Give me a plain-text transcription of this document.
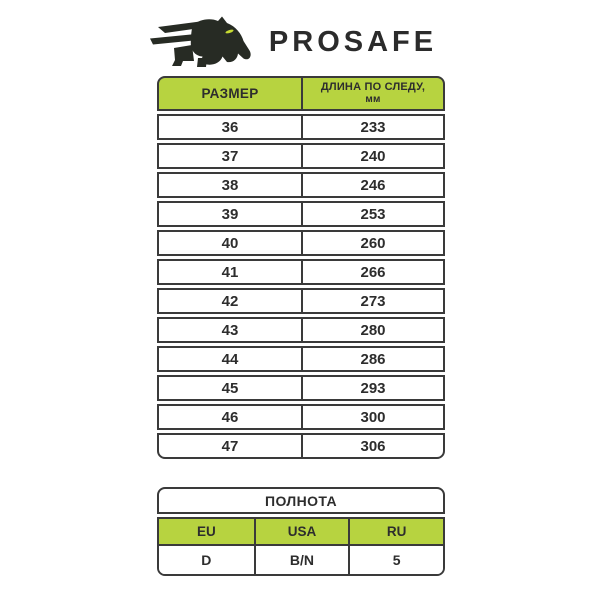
PROSAFE
РАЗМЕР	ДЛИНА ПО СЛЕДУ,
мм
36	233
37	240
38	246
39	253
40	260
41	266
42	273
43	280
44	286
45	293
46	300
47	306
ПОЛНОТА
EU	USA	RU
D	B/N	5
